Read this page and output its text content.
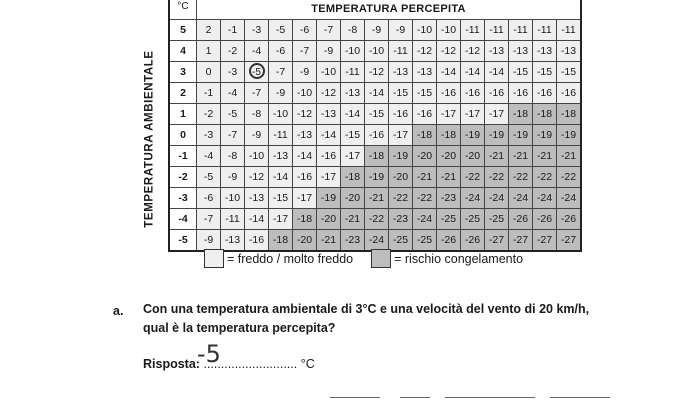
TEMPERATURA AMBIENTALE
°C	TEMPERATURA PERCEPITA															
5	2	-1	-3	-5	-6	-7	-8	-9	-9	-10	-10	-11	-11	-11	-11	-11
4	1	-2	-4	-6	-7	-9	-10	-10	-11	-12	-12	-12	-13	-13	-13	-13
3	0	-3	-5	-7	-9	-10	-11	-12	-13	-13	-14	-14	-14	-15	-15	-15
2	-1	-4	-7	-9	-10	-12	-13	-14	-15	-15	-16	-16	-16	-16	-16	-16
1	-2	-5	-8	-10	-12	-13	-14	-15	-16	-16	-17	-17	-17	-18	-18	-18
0	-3	-7	-9	-11	-13	-14	-15	-16	-17	-18	-18	-19	-19	-19	-19	-19
-1	-4	-8	-10	-13	-14	-16	-17	-18	-19	-20	-20	-20	-21	-21	-21	-21
-2	-5	-9	-12	-14	-16	-17	-18	-19	-20	-21	-21	-22	-22	-22	-22	-22
-3	-6	-10	-13	-15	-17	-19	-20	-21	-22	-22	-23	-24	-24	-24	-24	-24
-4	-7	-11	-14	-17	-18	-20	-21	-22	-23	-24	-25	-25	-25	-26	-26	-26
-5	-9	-13	-16	-18	-20	-21	-23	-24	-25	-25	-26	-26	-27	-27	-27	-27
= freddo / molto freddo	= rischio congelamento
a. Con una temperatura ambientale di 3°C e una velocità del vento di 20 km/h, qual è la temperatura percepita?
Risposta: ........................... °C
-5
